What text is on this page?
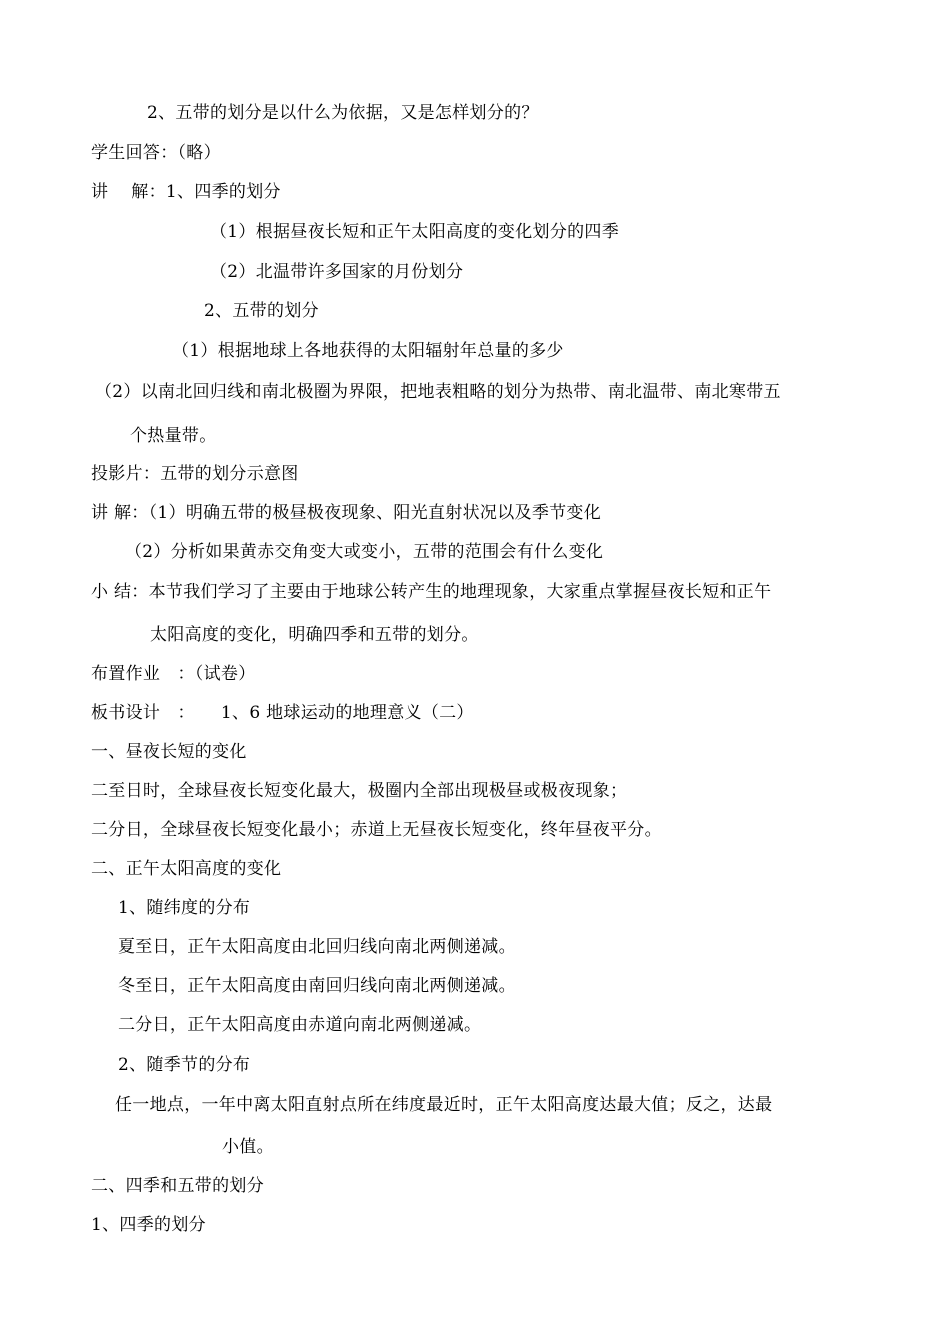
2、五带的划分是以什么为依据，又是怎样划分的？
学生回答：（略）
讲　 解：1、四季的划分
（1）根据昼夜长短和正午太阳高度的变化划分的四季
（2）北温带许多国家的月份划分
2、五带的划分
（1）根据地球上各地获得的太阳辐射年总量的多少
（2）以南北回归线和南北极圈为界限，把地表粗略的划分为热带、南北温带、南北寒带五
个热量带。
投影片：五带的划分示意图
讲 解：（1）明确五带的极昼极夜现象、阳光直射状况以及季节变化
（2）分析如果黄赤交角变大或变小，五带的范围会有什么变化
小 结：本节我们学习了主要由于地球公转产生的地理现象，大家重点掌握昼夜长短和正午
太阳高度的变化，明确四季和五带的划分。
布置作业　：（试卷）
板书设计　：　　1、6 地球运动的地理意义（二）
一、昼夜长短的变化
二至日时，全球昼夜长短变化最大，极圈内全部出现极昼或极夜现象；
二分日，全球昼夜长短变化最小；赤道上无昼夜长短变化，终年昼夜平分。
二、正午太阳高度的变化
1、随纬度的分布
夏至日，正午太阳高度由北回归线向南北两侧递减。
冬至日，正午太阳高度由南回归线向南北两侧递减。
二分日，正午太阳高度由赤道向南北两侧递减。
2、随季节的分布
任一地点，一年中离太阳直射点所在纬度最近时，正午太阳高度达最大值；反之，达最
小值。
二、四季和五带的划分
1、四季的划分
